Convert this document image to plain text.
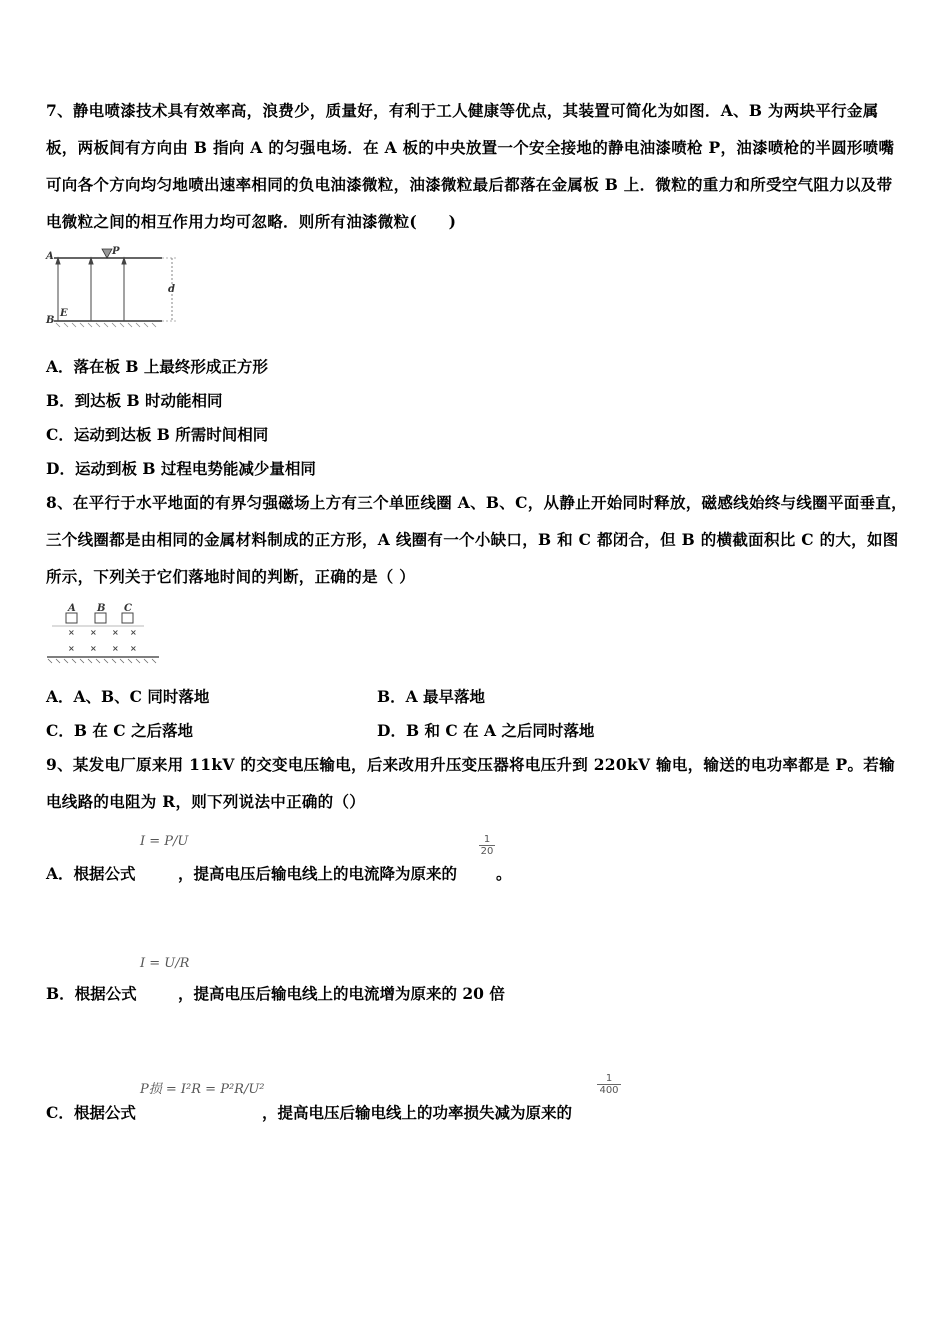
7、静电喷漆技术具有效率高，浪费少，质量好，有利于工人健康等优点，其装置可简化为如图．A、B 为两块平行金属板，两板间有方向由 B 指向 A 的匀强电场．在 A 板的中央放置一个安全接地的静电油漆喷枪 P，油漆喷枪的半圆形喷嘴可向各个方向均匀地喷出速率相同的负电油漆微粒，油漆微粒最后都落在金属板 B 上．微粒的重力和所受空气阻力以及带电微粒之间的相互作用力均可忽略．则所有油漆微粒(　　)
A
B
P
E
d
A．落在板 B 上最终形成正方形
B．到达板 B 时动能相同
C．运动到达板 B 所需时间相同
D．运动到板 B 过程电势能减少量相同
8、在平行于水平地面的有界匀强磁场上方有三个单匝线圈 A、B、C，从静止开始同时释放，磁感线始终与线圈平面垂直，三个线圈都是由相同的金属材料制成的正方形，A 线圈有一个小缺口，B 和 C 都闭合，但 B 的横截面积比 C 的大，如图所示，下列关于它们落地时间的判断，正确的是（ ）
× × × ×
× × × ×
A B C
A．A、B、C 同时落地	B．A 最早落地
C．B 在 C 之后落地	D．B 和 C 在 A 之后同时落地
9、某发电厂原来用 11kV 的交变电压输电，后来改用升压变压器将电压升到 220kV 输电，输送的电功率都是 P。若输电线路的电阻为 R，则下列说法中正确的（）
I = P/U
A．根据公式	，提高电压后输电线上的电流降为原来的
$\frac{1}{20}$
。
I = U/R
B．根据公式	，提高电压后输电线上的电流增为原来的 20 倍
P损 = I²R = P²R/U²
C．根据公式	，提高电压后输电线上的功率损失减为原来的
$\frac{1}{400}$
